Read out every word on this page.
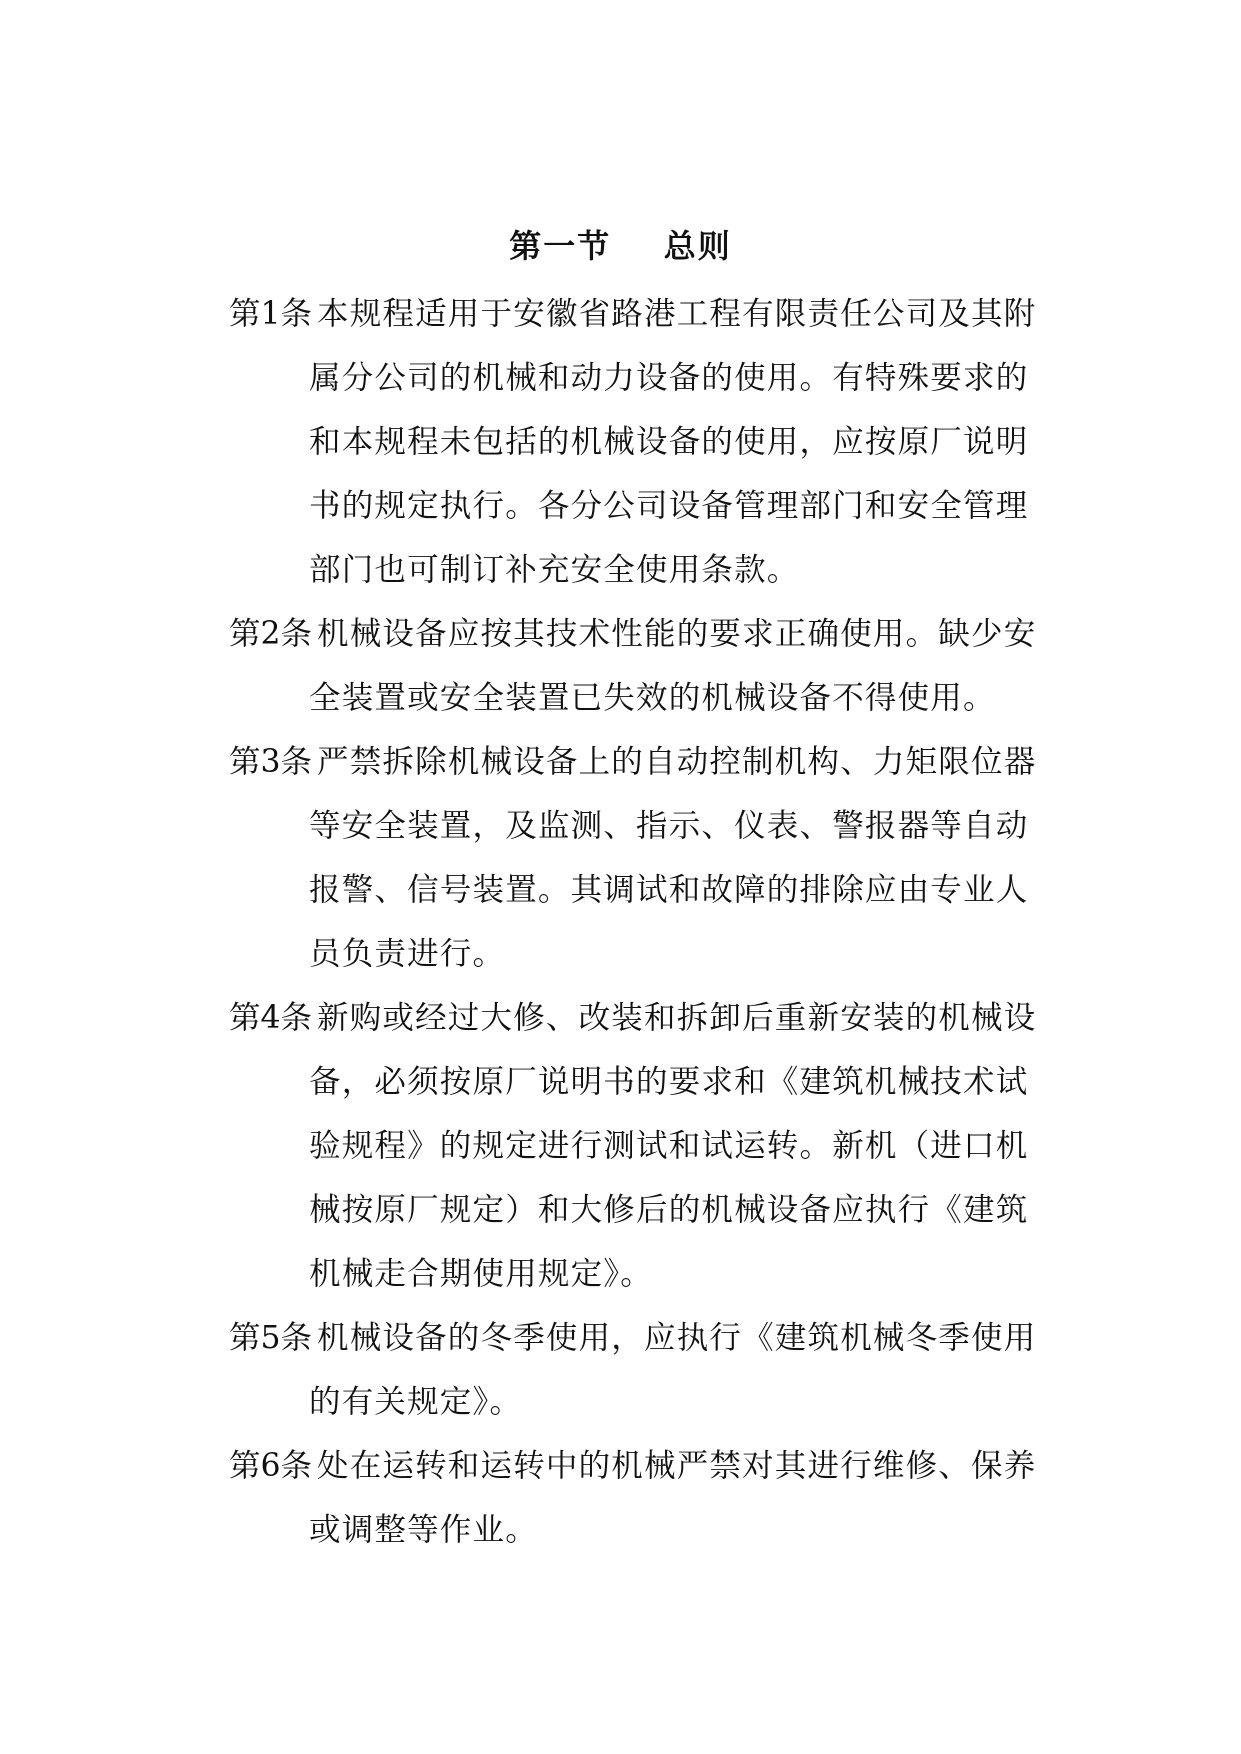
第一节    总则
第1条 本规程适用于安徽省路港工程有限责任公司及其附
属分公司的机械和动力设备的使用。有特殊要求的
和本规程未包括的机械设备的使用，应按原厂说明
书的规定执行。各分公司设备管理部门和安全管理
部门也可制订补充安全使用条款。
第2条 机械设备应按其技术性能的要求正确使用。缺少安
全装置或安全装置已失效的机械设备不得使用。
第3条 严禁拆除机械设备上的自动控制机构、力矩限位器
等安全装置，及监测、指示、仪表、警报器等自动
报警、信号装置。其调试和故障的排除应由专业人
员负责进行。
第4条 新购或经过大修、改装和拆卸后重新安装的机械设
备，必须按原厂说明书的要求和《建筑机械技术试
验规程》的规定进行测试和试运转。新机（进口机
械按原厂规定）和大修后的机械设备应执行《建筑
机械走合期使用规定》。
第5条 机械设备的冬季使用，应执行《建筑机械冬季使用
的有关规定》。
第6条 处在运转和运转中的机械严禁对其进行维修、保养
或调整等作业。
